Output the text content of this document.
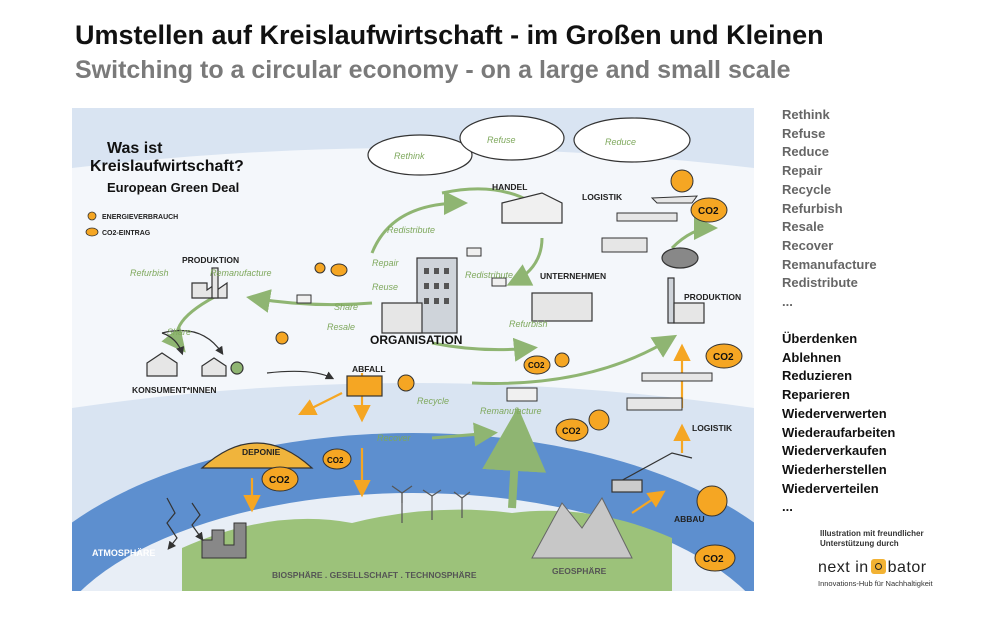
Umstellen auf Kreislaufwirtschaft - im Großen und Kleinen
Switching to a circular economy - on a large and small scale
ATMOSPHÄRE
BIOSPHÄRE . GESELLSCHAFT . TECHNOSPHÄRE	GEOSPHÄRE
Was ist
Kreislaufwirtschaft?
European Green Deal
ENERGIEVERBRAUCH
CO2-EINTRAG
Rethink
Refuse	Reduce
CO2
CO2
CO2
CO2
CO2
CO2
CO2
HANDEL
LOGISTIK
UNTERNEHMEN
PRODUKTION
PRODUKTION
ORGANISATION
KONSUMENT*INNEN
ABFALL
DEPONIE
LOGISTIK
ABBAU
Redistribute
Repair
Reuse
Redistribute
Refurbish	Remanufacture
Share
Share	Resale	Refurbish
Recycle
Remanufacture
Recover
Rethink
Refuse
Reduce
Repair
Recycle
Refurbish
Resale
Recover
Remanufacture
Redistribute
...
Überdenken
Ablehnen
Reduzieren
Reparieren
Wiederverwerten
Wiederaufarbeiten
Wiederverkaufen
Wiederherstellen
Wiederverteilen
...
Illustration mit freundlicher
Unterstützung durch
next in bator
Innovations-Hub für Nachhaltigkeit
